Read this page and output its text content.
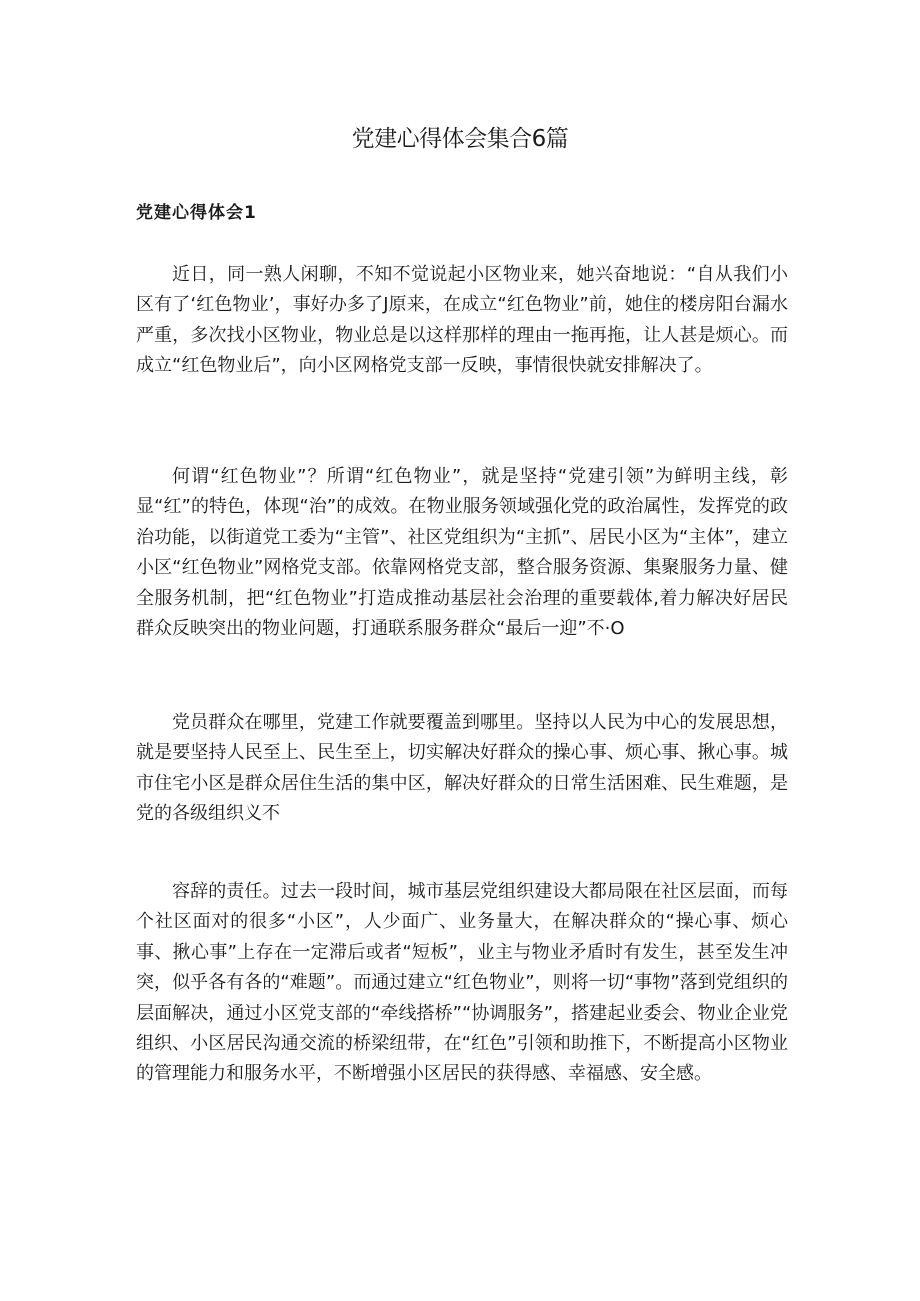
党建心得体会集合6篇
党建心得体会1

近日，同一熟人闲聊，不知不觉说起小区物业来，她兴奋地说：“自从我们小区有了‘红色物业’，事好办多了J原来，在成立“红色物业”前，她住的楼房阳台漏水严重，多次找小区物业，物业总是以这样那样的理由一拖再拖，让人甚是烦心。而成立“红色物业后”，向小区网格党支部一反映，事情很快就安排解决了。

何谓“红色物业”？所谓“红色物业”，就是坚持“党建引领”为鲜明主线，彰显“红”的特色，体现“治”的成效。在物业服务领域强化党的政治属性，发挥党的政治功能，以街道党工委为“主管”、社区党组织为“主抓”、居民小区为“主体”，建立小区“红色物业”网格党支部。依靠网格党支部，整合服务资源、集聚服务力量、健全服务机制，把“红色物业”打造成推动基层社会治理的重要载体,着力解决好居民群众反映突出的物业问题，打通联系服务群众“最后一迎”不·O

党员群众在哪里，党建工作就要覆盖到哪里。坚持以人民为中心的发展思想，就是要坚持人民至上、民生至上，切实解决好群众的操心事、烦心事、揪心事。城市住宅小区是群众居住生活的集中区，解决好群众的日常生活困难、民生难题，是党的各级组织义不

容辞的责任。过去一段时间，城市基层党组织建设大都局限在社区层面，而每个社区面对的很多“小区”，人少面广、业务量大，在解决群众的“操心事、烦心事、揪心事”上存在一定滞后或者“短板”，业主与物业矛盾时有发生，甚至发生冲突，似乎各有各的“难题”。而通过建立“红色物业”，则将一切“事物”落到党组织的层面解决，通过小区党支部的“牵线搭桥”“协调服务”，搭建起业委会、物业企业党组织、小区居民沟通交流的桥梁纽带，在“红色”引领和助推下，不断提高小区物业的管理能力和服务水平，不断增强小区居民的获得感、幸福感、安全感。
